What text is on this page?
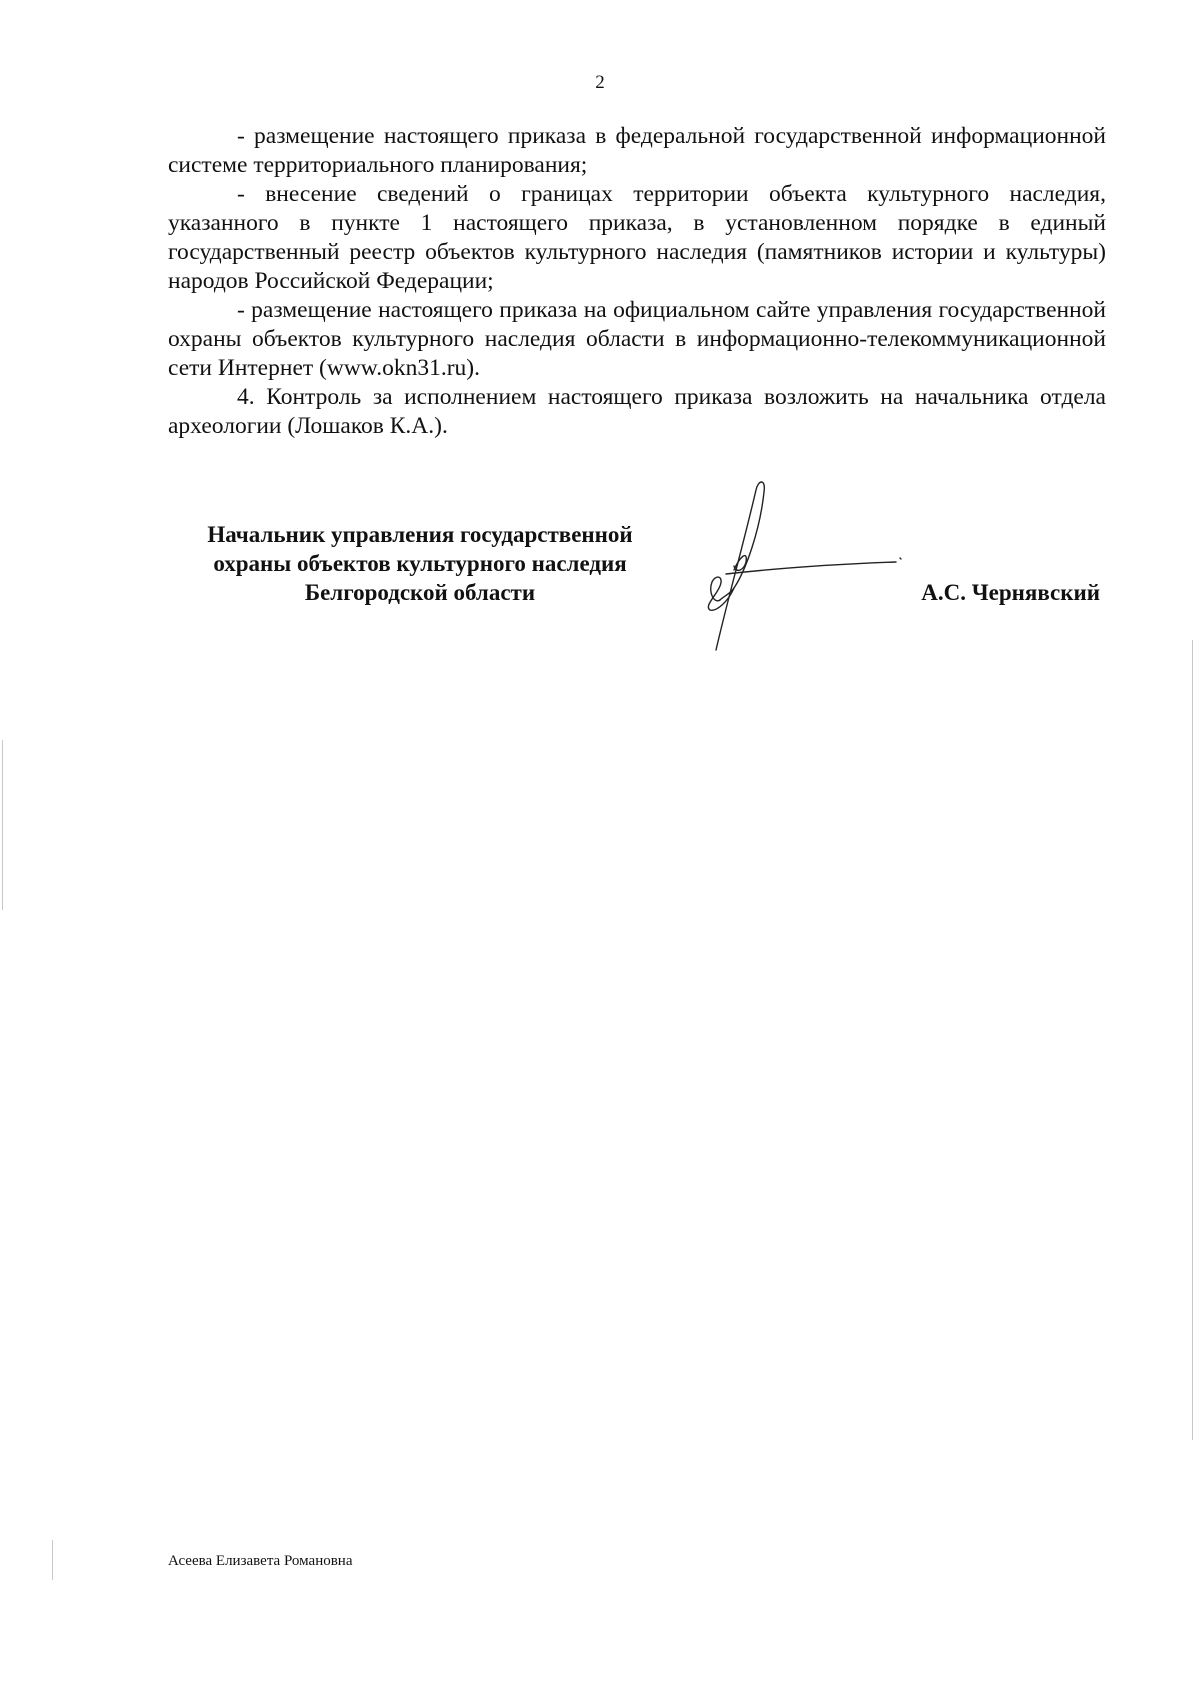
2

- размещение настоящего приказа в федеральной государственной информационной системе территориального планирования;

- внесение сведений о границах территории объекта культурного наследия, указанного в пункте 1 настоящего приказа, в установленном порядке в единый государственный реестр объектов культурного наследия (памятников истории и культуры) народов Российской Федерации;

- размещение настоящего приказа на официальном сайте управления государственной охраны объектов культурного наследия области в информационно-телекоммуникационной сети Интернет (www.okn31.ru).

4. Контроль за исполнением настоящего приказа возложить на начальника отдела археологии (Лошаков К.А.).

Начальник управления государственной
охраны объектов культурного наследия
Белгородской области	А.С. Чернявский
Асеева Елизавета Романовна
